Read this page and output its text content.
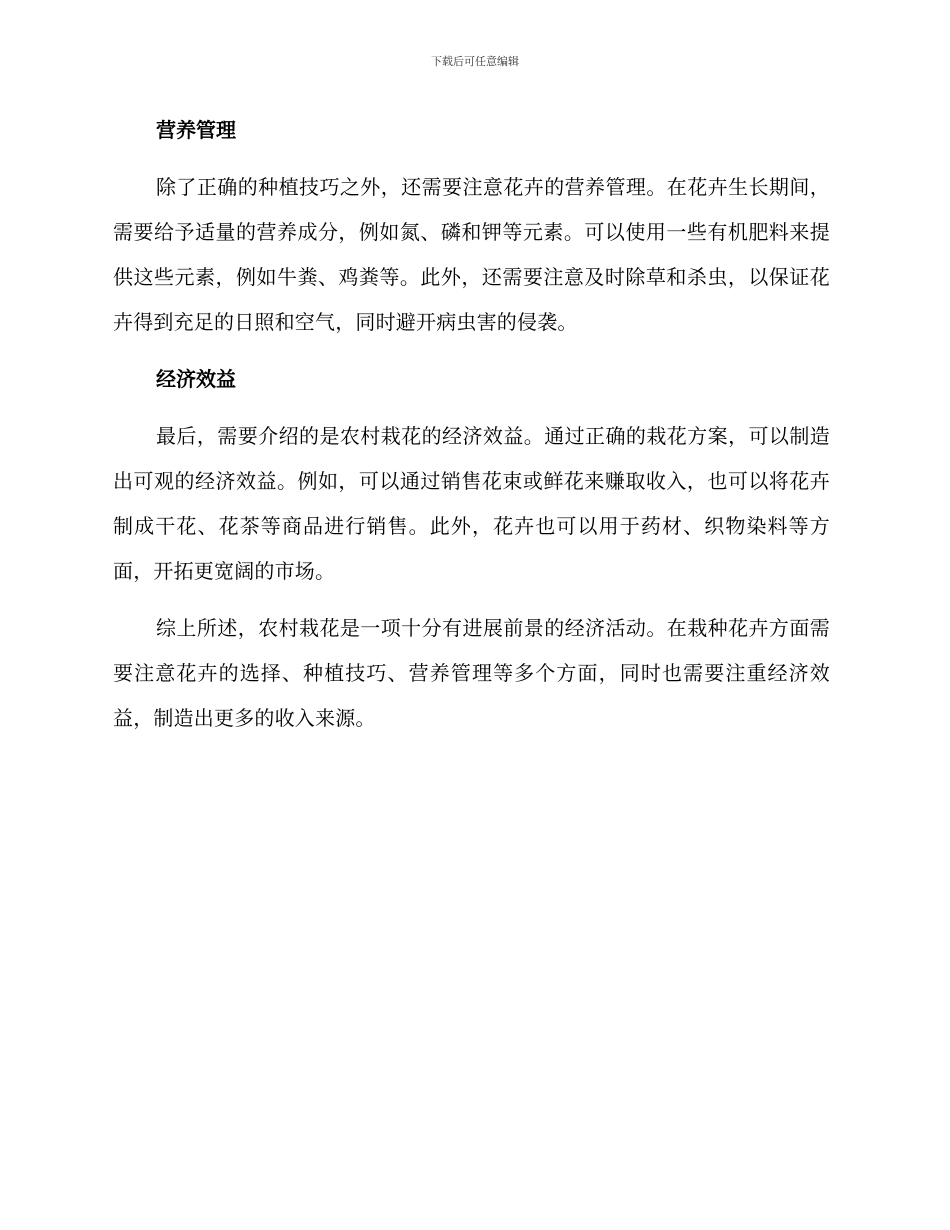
下载后可任意编辑
营养管理

除了正确的种植技巧之外，还需要注意花卉的营养管理。在花卉生长期间，需要给予适量的营养成分，例如氮、磷和钾等元素。可以使用一些有机肥料来提供这些元素，例如牛粪、鸡粪等。此外，还需要注意及时除草和杀虫，以保证花卉得到充足的日照和空气，同时避开病虫害的侵袭。

经济效益

最后，需要介绍的是农村栽花的经济效益。通过正确的栽花方案，可以制造出可观的经济效益。例如，可以通过销售花束或鲜花来赚取收入，也可以将花卉制成干花、花茶等商品进行销售。此外，花卉也可以用于药材、织物染料等方面，开拓更宽阔的市场。

综上所述，农村栽花是一项十分有进展前景的经济活动。在栽种花卉方面需要注意花卉的选择、种植技巧、营养管理等多个方面，同时也需要注重经济效益，制造出更多的收入来源。
